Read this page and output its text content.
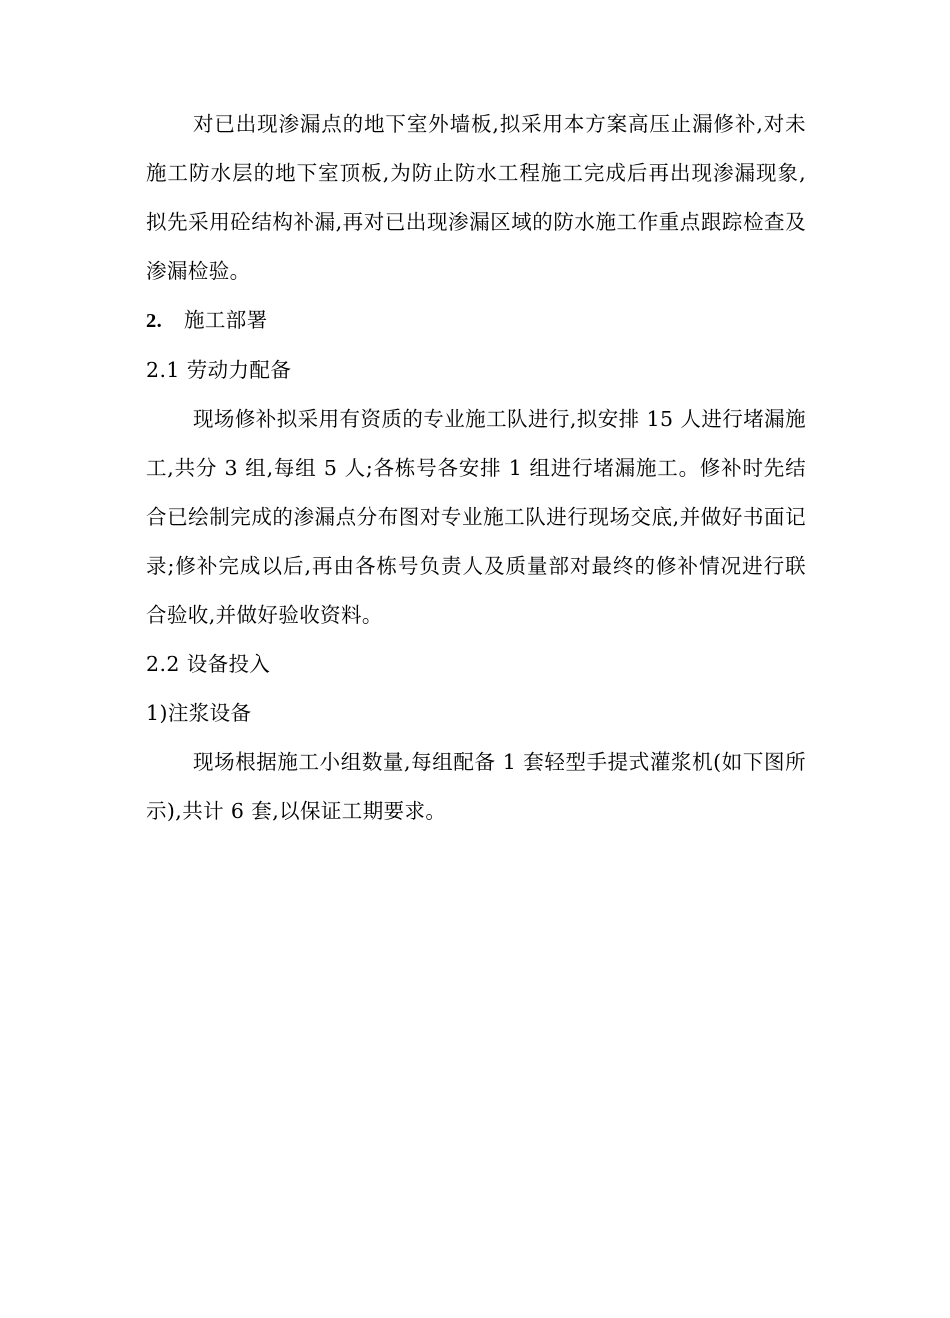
对已出现渗漏点的地下室外墙板,拟采用本方案高压止漏修补,对未施工防水层的地下室顶板,为防止防水工程施工完成后再出现渗漏现象,拟先采用砼结构补漏,再对已出现渗漏区域的防水施工作重点跟踪检查及渗漏检验。

2. 施工部署
2.1 劳动力配备

现场修补拟采用有资质的专业施工队进行,拟安排 15 人进行堵漏施工,共分 3 组,每组 5 人;各栋号各安排 1 组进行堵漏施工。修补时先结合已绘制完成的渗漏点分布图对专业施工队进行现场交底,并做好书面记录;修补完成以后,再由各栋号负责人及质量部对最终的修补情况进行联合验收,并做好验收资料。

2.2 设备投入
1)注浆设备

现场根据施工小组数量,每组配备 1 套轻型手提式灌浆机(如下图所示),共计 6 套,以保证工期要求。
